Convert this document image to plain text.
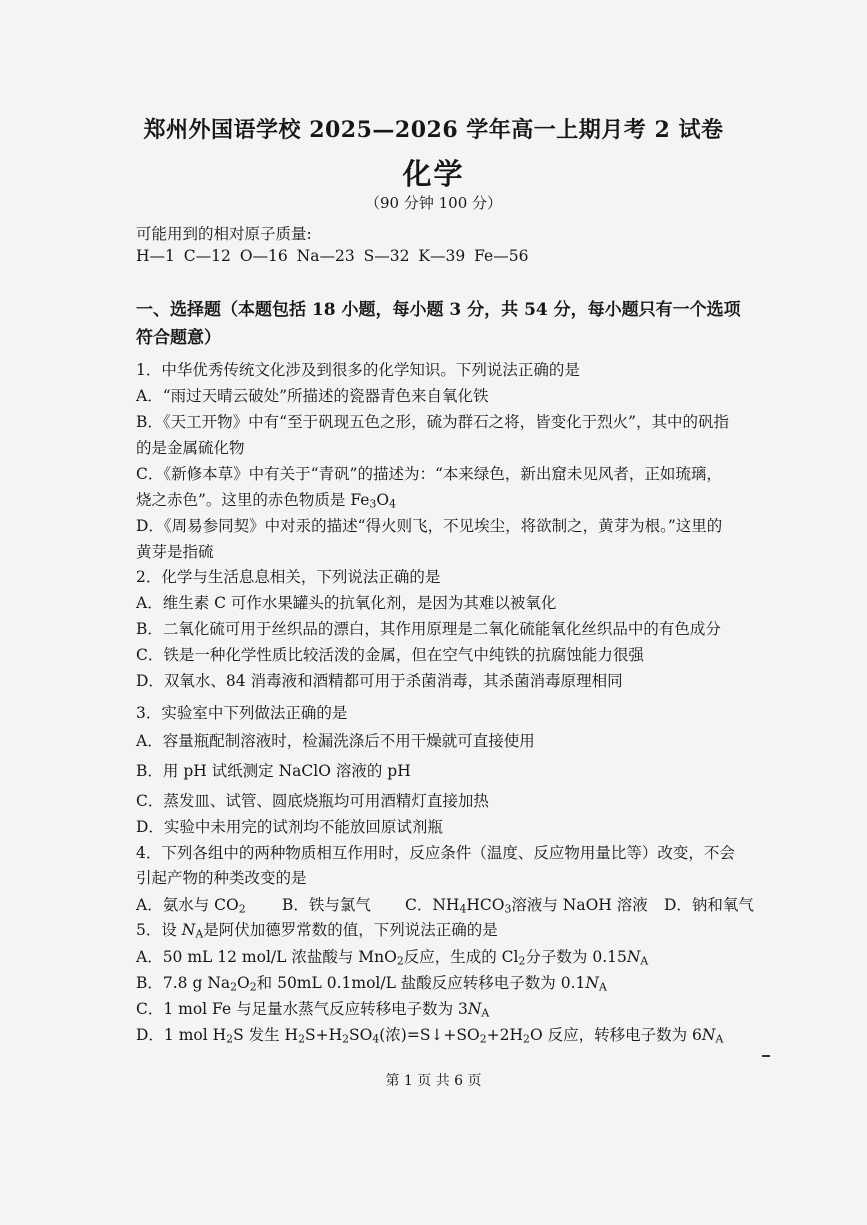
郑州外国语学校 2025—2026 学年高一上期月考 2 试卷
化学
（90 分钟 100 分）
可能用到的相对原子质量:
H—1 C—12 O—16 Na—23 S—32 K—39 Fe—56
一、选择题（本题包括 18 小题，每小题 3 分，共 54 分，每小题只有一个选项
符合题意）
1．中华优秀传统文化涉及到很多的化学知识。下列说法正确的是
A．“雨过天晴云破处”所描述的瓷器青色来自氧化铁
B．《天工开物》中有“至于矾现五色之形，硫为群石之将，皆变化于烈火”，其中的矾指
的是金属硫化物
C．《新修本草》中有关于“青矾”的描述为：“本来绿色，新出窟未见风者，正如琉璃，
烧之赤色”。这里的赤色物质是 $Fe_3O_4$
D．《周易参同契》中对汞的描述“得火则飞，不见埃尘，将欲制之，黄芽为根。”这里的
黄芽是指硫
2．化学与生活息息相关，下列说法正确的是
A．维生素 C 可作水果罐头的抗氧化剂，是因为其难以被氧化
B．二氧化硫可用于丝织品的漂白，其作用原理是二氧化硫能氧化丝织品中的有色成分
C．铁是一种化学性质比较活泼的金属，但在空气中纯铁的抗腐蚀能力很强
D．双氧水、84 消毒液和酒精都可用于杀菌消毒，其杀菌消毒原理相同
3．实验室中下列做法正确的是
A．容量瓶配制溶液时，检漏洗涤后不用干燥就可直接使用
B．用 pH 试纸测定 NaClO 溶液的 pH
C．蒸发皿、试管、圆底烧瓶均可用酒精灯直接加热
D．实验中未用完的试剂均不能放回原试剂瓶
4．下列各组中的两种物质相互作用时，反应条件（温度、反应物用量比等）改变，不会
引起产物的种类改变的是
A．氨水与 $CO_2$ B．铁与氯气 C．$NH_4HCO_3$溶液与 NaOH 溶液 D．钠和氧气
5．设 $N_A$是阿伏加德罗常数的值，下列说法正确的是
A．50 mL 12 mol/L 浓盐酸与 MnO$_2$反应，生成的 $Cl_2$分子数为 $0.15N_A$
B．7.8 g $Na_2O_2$和 50mL 0.1mol/L 盐酸反应转移电子数为 $0.1N_A$
C．1 mol Fe 与足量水蒸气反应转移电子数为 $3N_A$
D．1 mol $H_2S$ 发生 $H_2S+H_2SO_4$(浓)$=S↓+SO_2+2H_2O$ 反应，转移电子数为 $6N_A$
第 1 页 共 6 页
